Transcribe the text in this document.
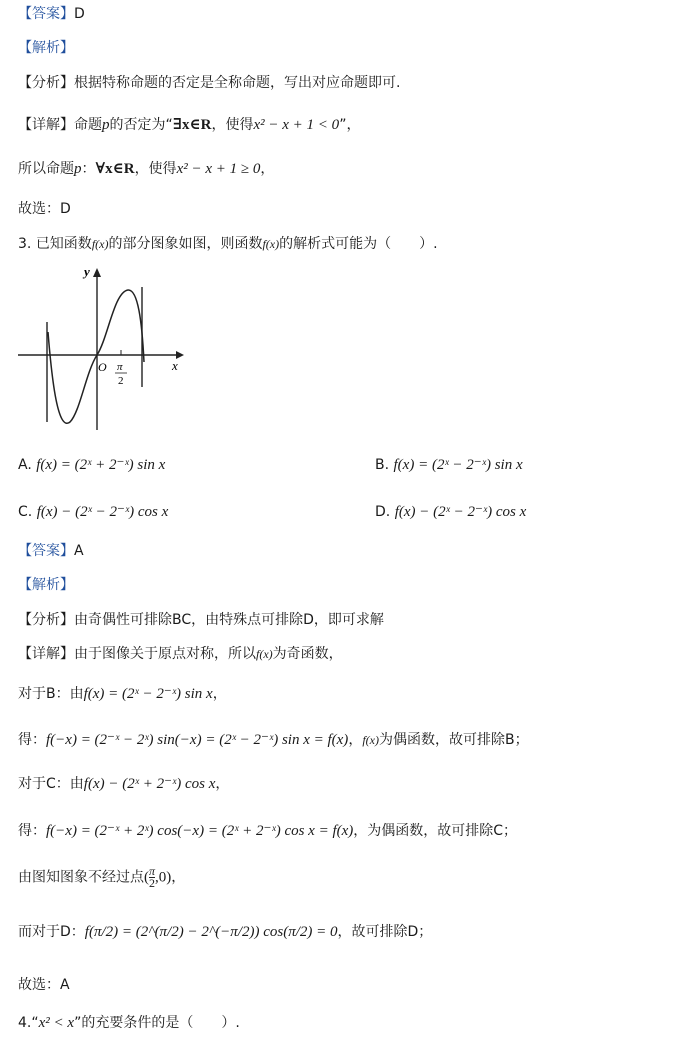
【答案】D
【解析】
【分析】根据特称命题的否定是全称命题，写出对应命题即可.
【详解】命题p的否定为“∃x∈R，使得x² − x + 1 < 0”，
所以命题p：∀x∈R，使得x² − x + 1 ≥ 0，
故选：D
3. 已知函数f(x)的部分图象如图，则函数f(x)的解析式可能为（　　）.
y
x
O π
2
A. f(x) = (2ˣ + 2⁻ˣ) sin x	B. f(x) = (2ˣ − 2⁻ˣ) sin x
C. f(x) − (2ˣ − 2⁻ˣ) cos x	D. f(x) − (2ˣ − 2⁻ˣ) cos x
【答案】A
【解析】
【分析】由奇偶性可排除BC，由特殊点可排除D，即可求解
【详解】由于图像关于原点对称，所以f(x)为奇函数，
对于B：由f(x) = (2ˣ − 2⁻ˣ) sin x，
得：f(−x) = (2⁻ˣ − 2ˣ) sin(−x) = (2ˣ − 2⁻ˣ) sin x = f(x)，f(x)为偶函数，故可排除B；
对于C：由f(x) − (2ˣ + 2⁻ˣ) cos x，
得：f(−x) = (2⁻ˣ + 2ˣ) cos(−x) = (2ˣ + 2⁻ˣ) cos x = f(x)，为偶函数，故可排除C；
由图知图象不经过点( $\frac{\pi}{2} ,0$)，
而对于D：f(π/2) = (2^(π/2) − 2^(−π/2)) cos(π/2) = 0，故可排除D；
故选：A
4.“x² < x”的充要条件的是（　　）.
